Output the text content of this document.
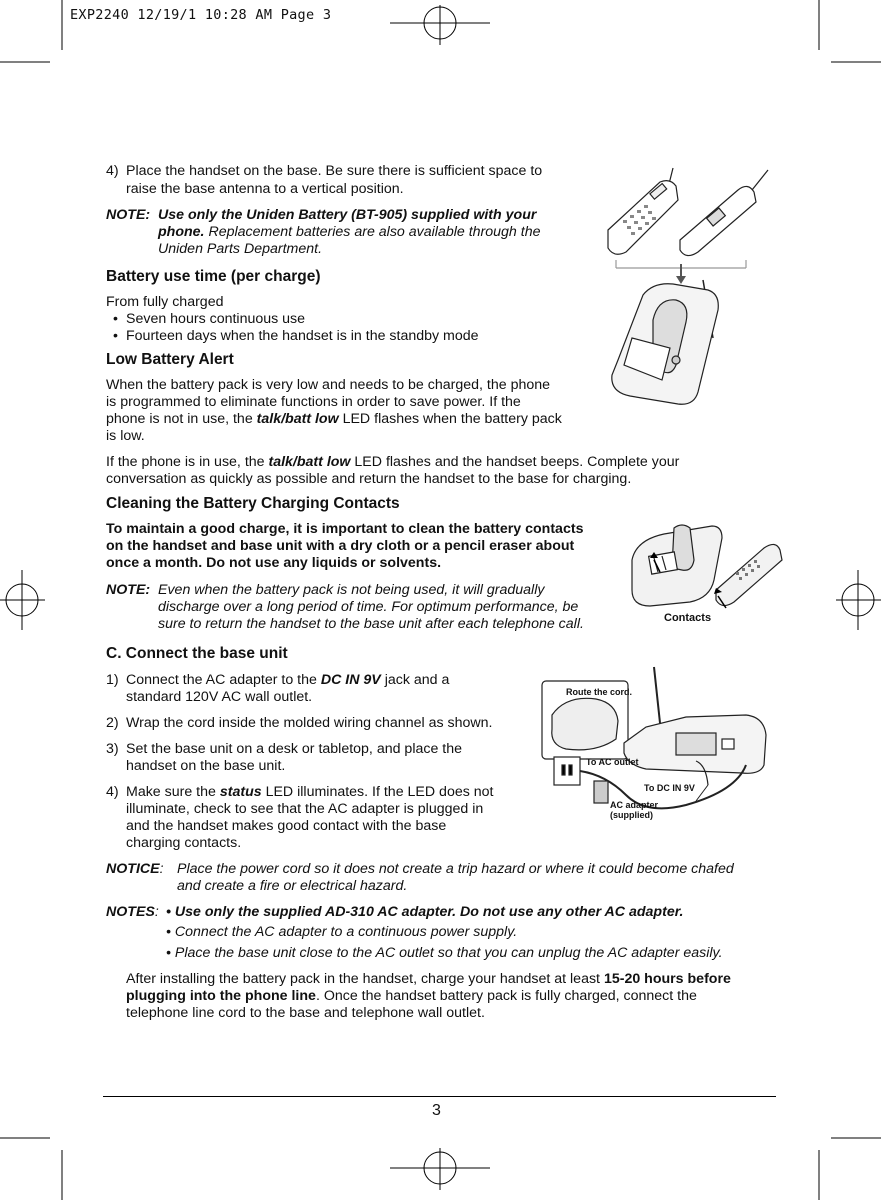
EXP2240 12/19/1 10:28 AM Page 3
4) Place the handset on the base. Be sure there is sufficient space to
raise the base antenna to a vertical position.
NOTE: Use only the Uniden Battery (BT-905) supplied with your
phone. Replacement batteries are also available through the
Uniden Parts Department.
Battery use time (per charge)
From fully charged
• Seven hours continuous use
• Fourteen days when the handset is in the standby mode
Low Battery Alert
When the battery pack is very low and needs to be charged, the phone
is programmed to eliminate functions in order to save power. If the
phone is not in use, the talk/batt low LED flashes when the battery pack
is low.
If the phone is in use, the talk/batt low LED flashes and the handset beeps. Complete your
conversation as quickly as possible and return the handset to the base for charging.
Cleaning the Battery Charging Contacts
To maintain a good charge, it is important to clean the battery contacts
on the handset and base unit with a dry cloth or a pencil eraser about
once a month. Do not use any liquids or solvents.
NOTE: Even when the battery pack is not being used, it will gradually
discharge over a long period of time. For optimum performance, be
sure to return the handset to the base unit after each telephone call.
C. Connect the base unit
1) Connect the AC adapter to the DC IN 9V jack and a
standard 120V AC wall outlet.
2) Wrap the cord inside the molded wiring channel as shown.
3) Set the base unit on a desk or tabletop, and place the
handset on the base unit.
4) Make sure the status LED illuminates. If the LED does not
illuminate, check to see that the AC adapter is plugged in
and the handset makes good contact with the base
charging contacts.
NOTICE: Place the power cord so it does not create a trip hazard or where it could become chafed
and create a fire or electrical hazard.
NOTES: • Use only the supplied AD-310 AC adapter. Do not use any other AC adapter.
• Connect the AC adapter to a continuous power supply.
• Place the base unit close to the AC outlet so that you can unplug the AC adapter easily.
After installing the battery pack in the handset, charge your handset at least 15-20 hours before
plugging into the phone line. Once the handset battery pack is fully charged, connect the
telephone line cord to the base and telephone wall outlet.
3
Contacts
Route the cord.
To AC outlet
To DC IN 9V
AC adapter
(supplied)
